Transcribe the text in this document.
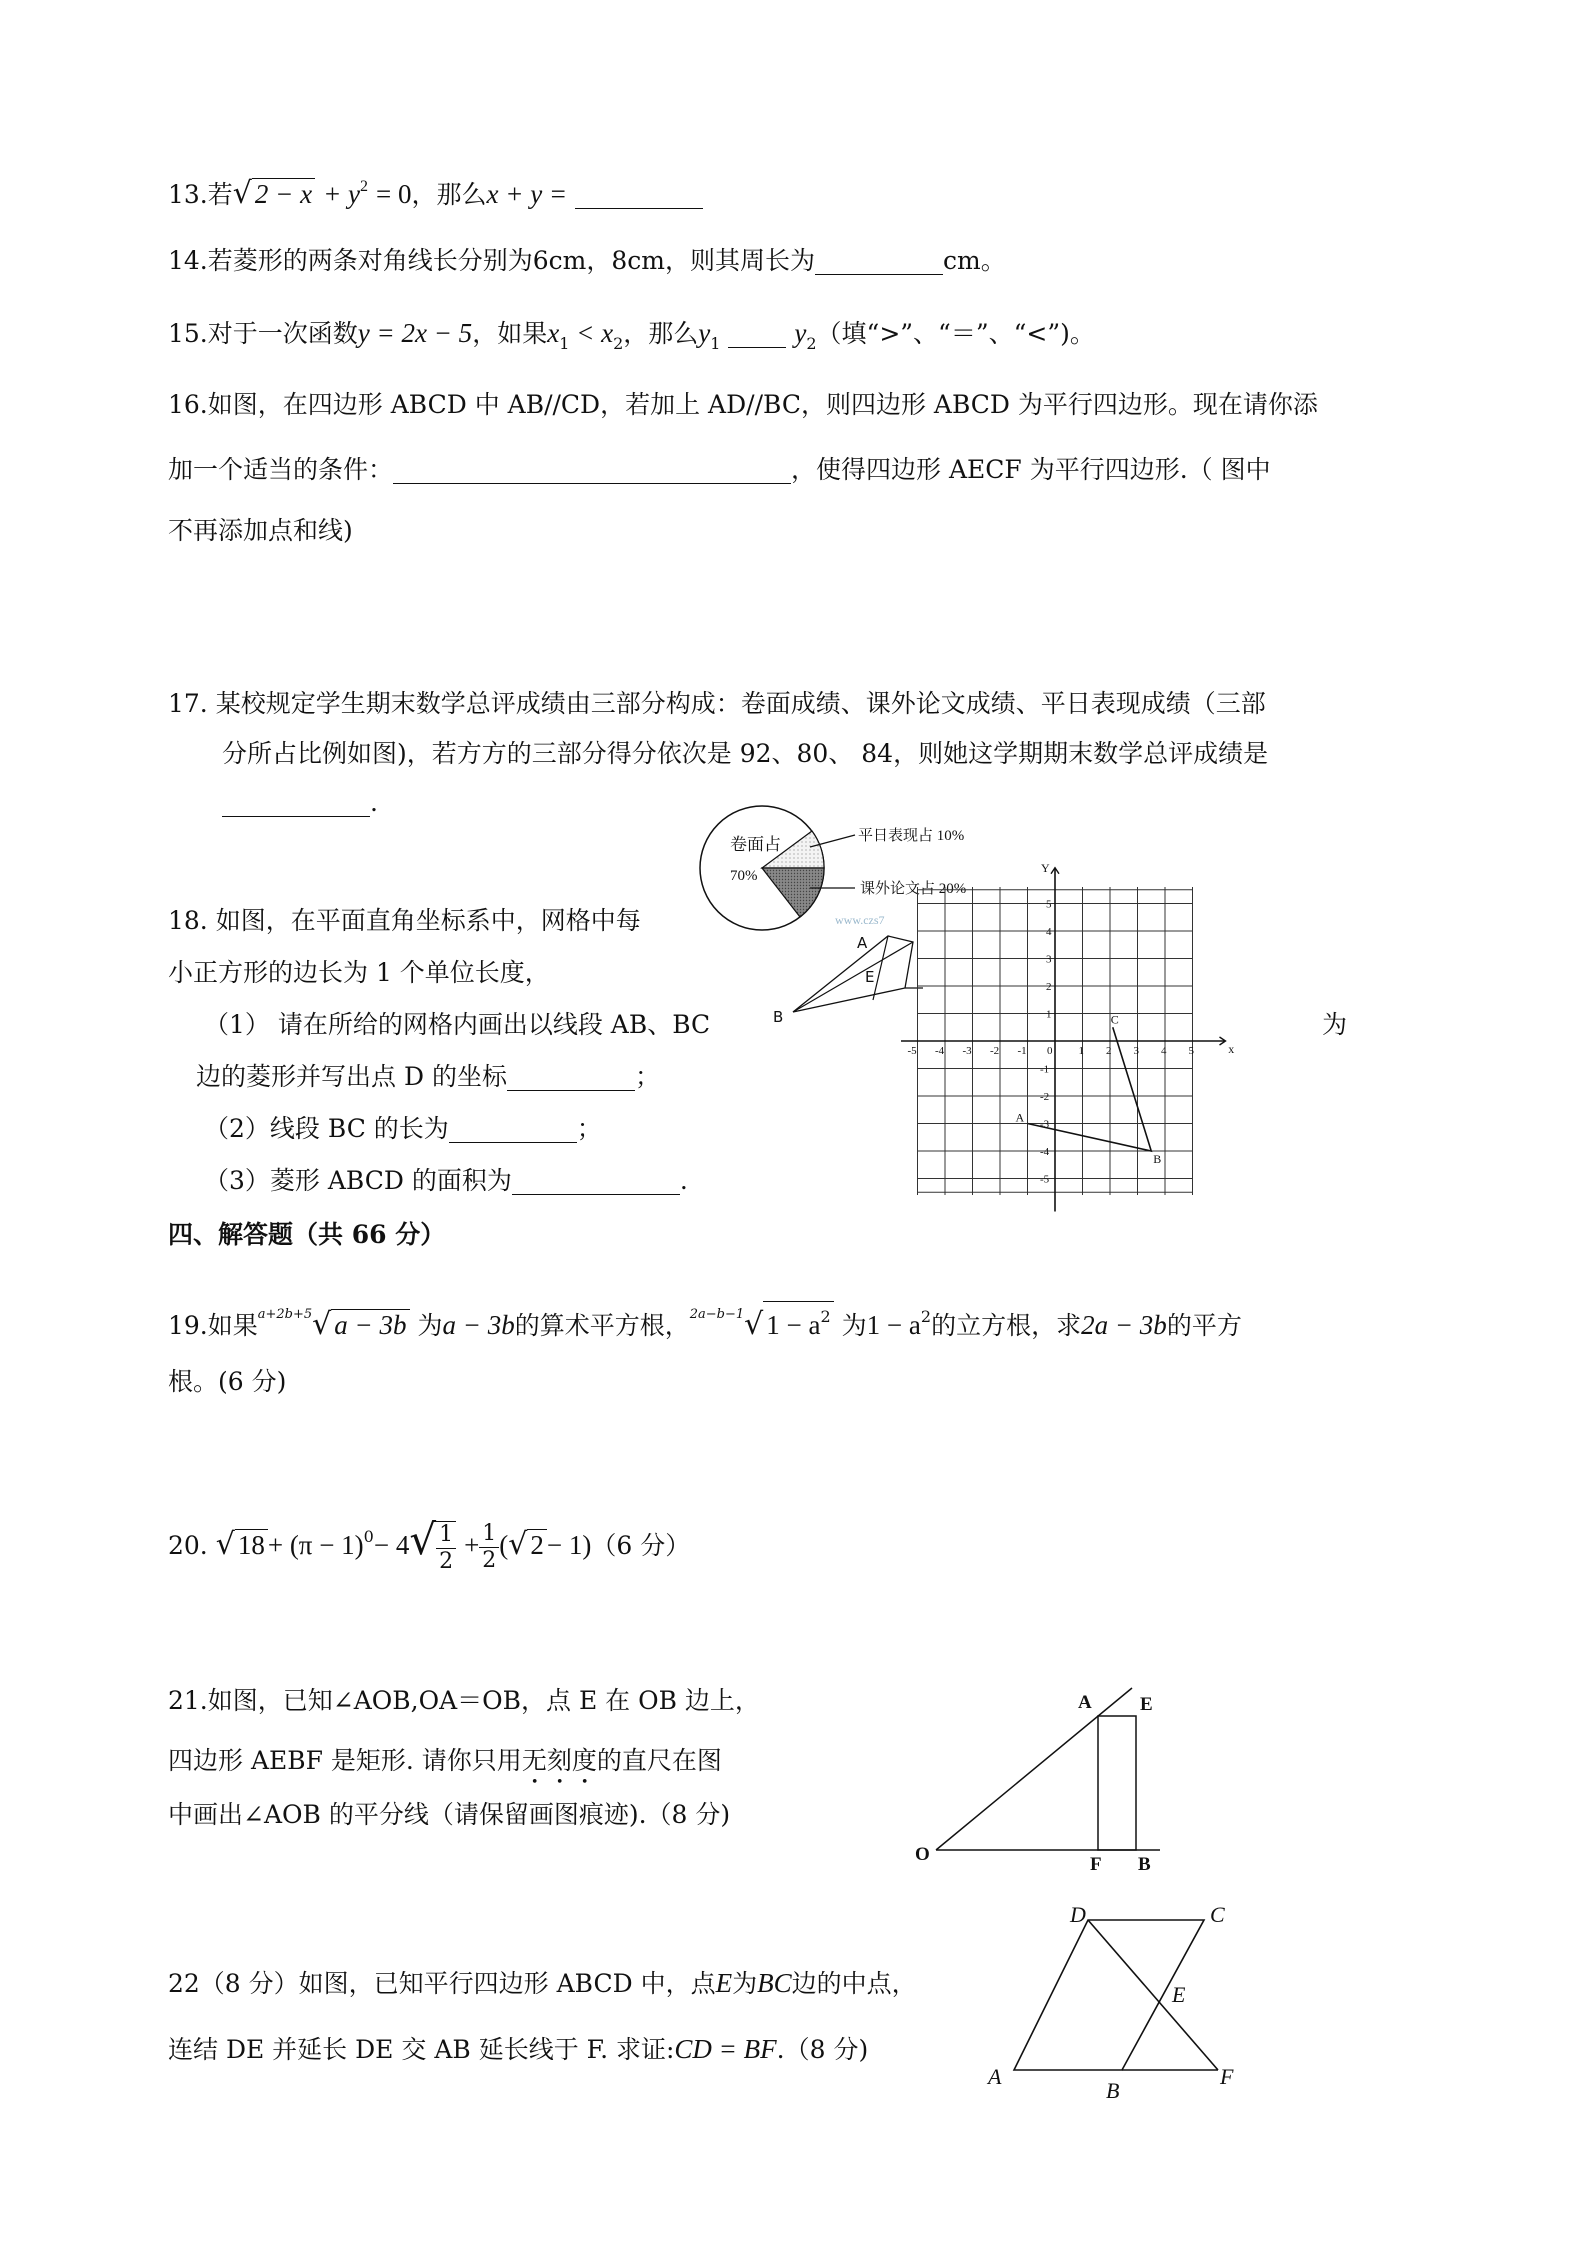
13.若√ $2 - x + y^2 = 0$，那么x + y =
14.若菱形的两条对角线长分别为6cm，8cm，则其周长为	cm。
15.对于一次函数y = 2x − 5，如果$x_1 < x_2$，那么$y_1$	$y_2$（填“>”、“＝”、“<”)。
16.如图，在四边形 ABCD 中 AB//CD，若加上 AD//BC，则四边形 ABCD 为平行四边形。现在请你添
加一个适当的条件：	，使得四边形 AECF 为平行四边形.（ 图中
不再添加点和线)
17. 某校规定学生期末数学总评成绩由三部分构成：卷面成绩、课外论文成绩、平日表现成绩（三部
分所占比例如图)，若方方的三部分得分依次是 92、80、 84，则她这学期期末数学总评成绩是
.
卷面占
70%
平日表现占 10%
课外论文占 20%
www.czs7
18. 如图，在平面直角坐标系中，网格中每
小正方形的边长为 1 个单位长度，
（1） 请在所给的网格内画出以线段 AB、BC	为
边的菱形并写出点 D 的坐标	；
（2）线段 BC 的长为	；
（3）菱形 ABCD 的面积为	.
A
E
B
x
Y
-5 -4 -3 -2 -1 0 1 2 3 4 5
5
4
3
2
1
-1
-2
-3
-4
-5
A
B
C
四、解答题（共 66 分）
19.如果$^{a+2b+5}$√ a − 3b 为a − 3b的算术平方根，$^{2a-b-1}$√ $1 - a^2$ 为$1 - a^2$的立方根，求2a − 3b的平方
根。(6 分)
20. √ $18 + (\pi - 1)^0- 4√ \frac{1}{2} + \frac{1}{2}$ (√ 2 − 1)（6 分）
21.如图，已知∠AOB,OA＝OB，点 E 在 OB 边上，
四边形 AEBF 是矩形. 请你只用无刻度的直尺在图
中画出∠AOB 的平分线（请保留画图痕迹).（8 分)
A	E
O	F B
22（8 分）如图，已知平行四边形 ABCD 中，点E为BC边的中点，
连结 DE 并延长 DE 交 AB 延长线于 F. 求证:CD = BF.（8 分)
D	C
E
A
B
F
